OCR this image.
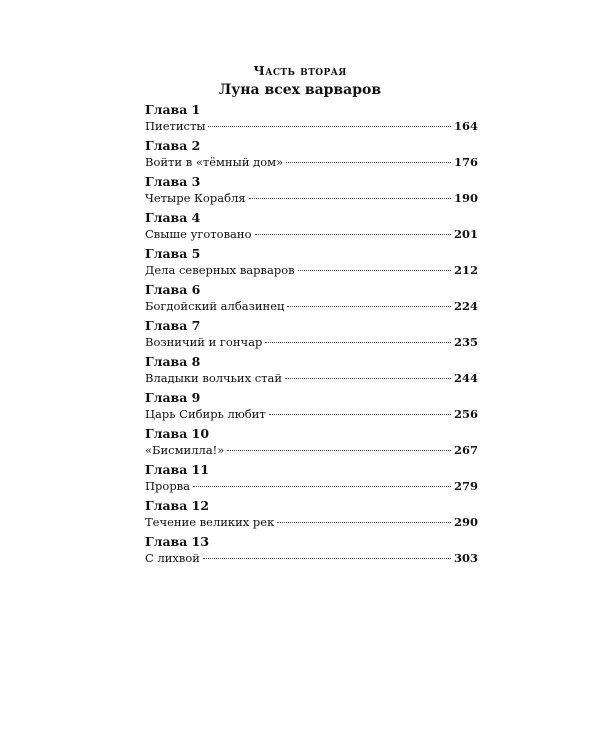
Часть вторая
Луна всех варваров
Глава 1
Пиетисты	164
Глава 2
Войти в «тёмный дом»	176
Глава 3
Четыре Корабля	190
Глава 4
Свыше уготовано	201
Глава 5
Дела северных варваров	212
Глава 6
Богдойский албазинец	224
Глава 7
Возничий и гончар	235
Глава 8
Владыки волчьих стай	244
Глава 9
Царь Сибирь любит	256
Глава 10
«Бисмилла!»	267
Глава 11
Прорва	279
Глава 12
Течение великих рек	290
Глава 13
С лихвой	303
